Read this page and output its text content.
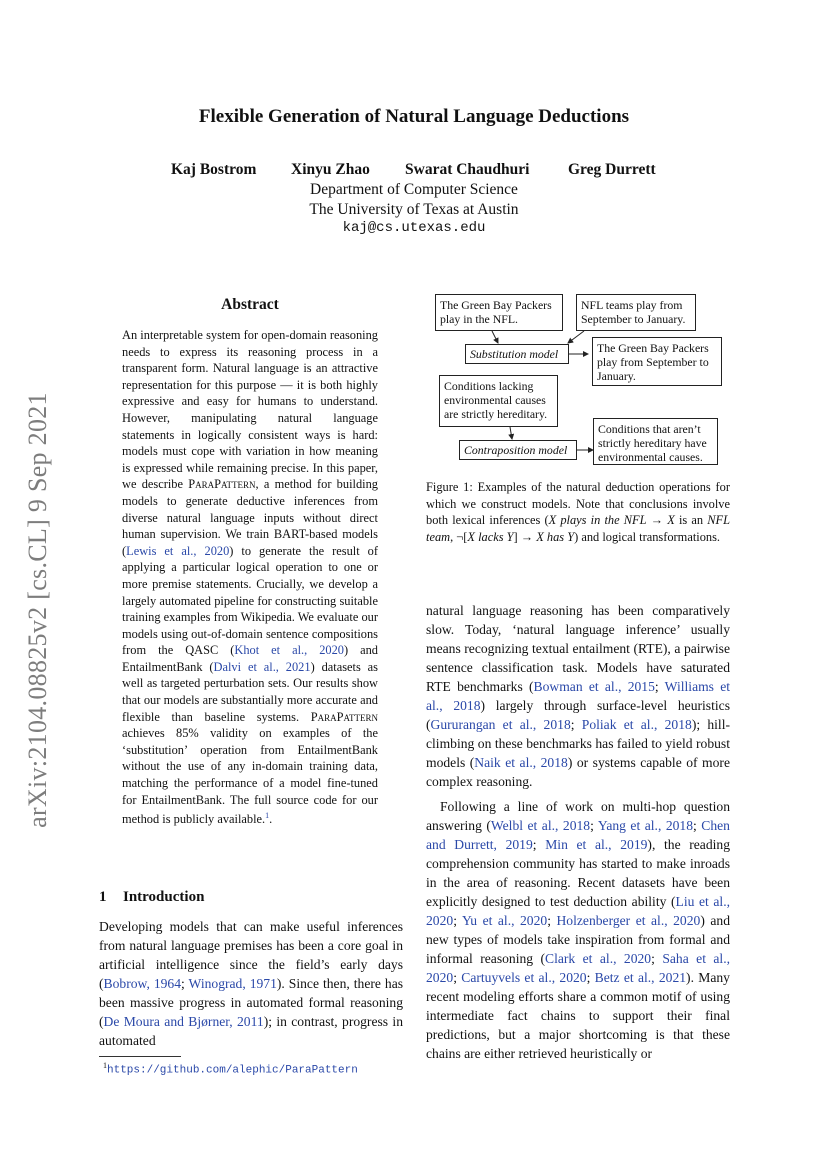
Flexible Generation of Natural Language Deductions
Kaj Bostrom Xinyu Zhao Swarat Chaudhuri Greg Durrett
Department of Computer Science
The University of Texas at Austin
kaj@cs.utexas.edu
arXiv:2104.08825v2 [cs.CL] 9 Sep 2021
Abstract
An interpretable system for open-domain reasoning needs to express its reasoning process in a transparent form. Natural language is an attractive representation for this purpose — it is both highly expressive and easy for humans to understand. However, manipulating natural language statements in logically consistent ways is hard: models must cope with variation in how meaning is expressed while remaining precise. In this paper, we describe ParaPattern, a method for building models to generate deductive inferences from diverse natural language inputs without direct human supervision. We train BART-based models (Lewis et al., 2020) to generate the result of applying a particular logical operation to one or more premise statements. Crucially, we develop a largely automated pipeline for constructing suitable training examples from Wikipedia. We evaluate our models using out-of-domain sentence compositions from the QASC (Khot et al., 2020) and EntailmentBank (Dalvi et al., 2021) datasets as well as targeted perturbation sets. Our results show that our models are substantially more accurate and flexible than baseline systems. ParaPattern achieves 85% validity on examples of the ‘substitution’ operation from EntailmentBank without the use of any in-domain training data, matching the performance of a model fine-tuned for EntailmentBank. The full source code for our method is publicly available.$^1$.
1 Introduction

Developing models that can make useful inferences from natural language premises has been a core goal in artificial intelligence since the field’s early days (Bobrow, 1964; Winograd, 1971). Since then, there has been massive progress in automated formal reasoning (De Moura and Bjørner, 2011); in contrast, progress in automated

$^1$https://github.com/alephic/ParaPattern
The Green Bay Packers play in the NFL.
NFL teams play from September to January.
Substitution model	The Green Bay Packers play from September to January.
Conditions lacking environmental causes are strictly hereditary.
Contraposition model
Conditions that aren’t strictly hereditary have environmental causes.
Figure 1: Examples of the natural deduction operations for which we construct models. Note that conclusions involve both lexical inferences (X plays in the NFL → X is an NFL team, ¬[X lacks Y] → X has Y) and logical transformations.

natural language reasoning has been comparatively slow. Today, ‘natural language inference’ usually means recognizing textual entailment (RTE), a pairwise sentence classification task. Models have saturated RTE benchmarks (Bowman et al., 2015; Williams et al., 2018) largely through surface-level heuristics (Gururangan et al., 2018; Poliak et al., 2018); hill-climbing on these benchmarks has failed to yield robust models (Naik et al., 2018) or systems capable of more complex reasoning.

Following a line of work on multi-hop question answering (Welbl et al., 2018; Yang et al., 2018; Chen and Durrett, 2019; Min et al., 2019), the reading comprehension community has started to make inroads in the area of reasoning. Recent datasets have been explicitly designed to test deduction ability (Liu et al., 2020; Yu et al., 2020; Holzenberger et al., 2020) and new types of models take inspiration from formal and informal reasoning (Clark et al., 2020; Saha et al., 2020; Cartuyvels et al., 2020; Betz et al., 2021). Many recent modeling efforts share a common motif of using intermediate fact chains to support their final predictions, but a major shortcoming is that these chains are either retrieved heuristically or
